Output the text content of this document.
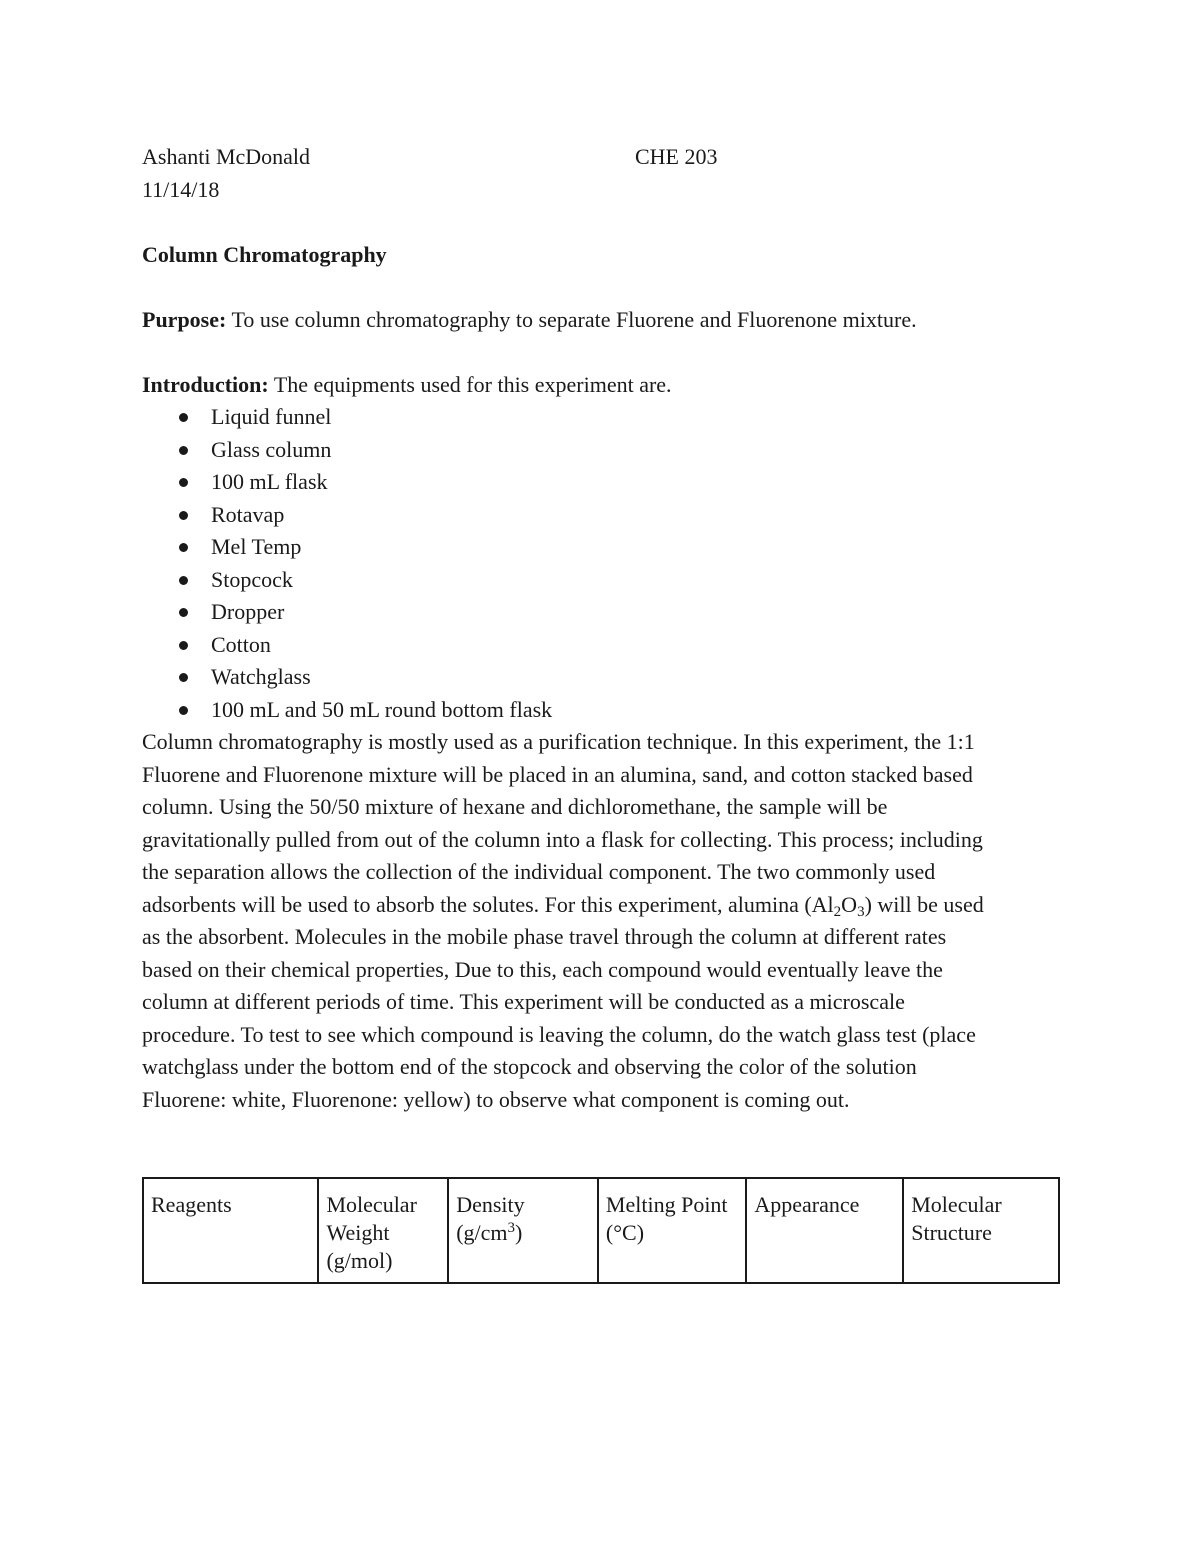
Ashanti McDonald	CHE 203
11/14/18
Column Chromatography
Purpose: To use column chromatography to separate Fluorene and Fluorenone mixture.
Introduction: The equipments used for this experiment are.
Liquid funnel
Glass column
100 mL flask
Rotavap
Mel Temp
Stopcock
Dropper
Cotton
Watchglass
100 mL and 50 mL round bottom flask
Column chromatography is mostly used as a purification technique. In this experiment, the 1:1
Fluorene and Fluorenone mixture will be placed in an alumina, sand, and cotton stacked based
column. Using the 50/50 mixture of hexane and dichloromethane, the sample will be
gravitationally pulled from out of the column into a flask for collecting. This process; including
the separation allows the collection of the individual component. The two commonly used
adsorbents will be used to absorb the solutes. For this experiment, alumina $(Al_2O_3)$ will be used
as the absorbent. Molecules in the mobile phase travel through the column at different rates
based on their chemical properties, Due to this, each compound would eventually leave the
column at different periods of time. This experiment will be conducted as a microscale
procedure. To test to see which compound is leaving the column, do the watch glass test (place
watchglass under the bottom end of the stopcock and observing the color of the solution
Fluorene: white, Fluorenone: yellow) to observe what component is coming out.
Reagents	Molecular
Weight
(g/mol)	Density
$(g/cm^3)$	Melting Point
(°C)	Appearance	Molecular
Structure
